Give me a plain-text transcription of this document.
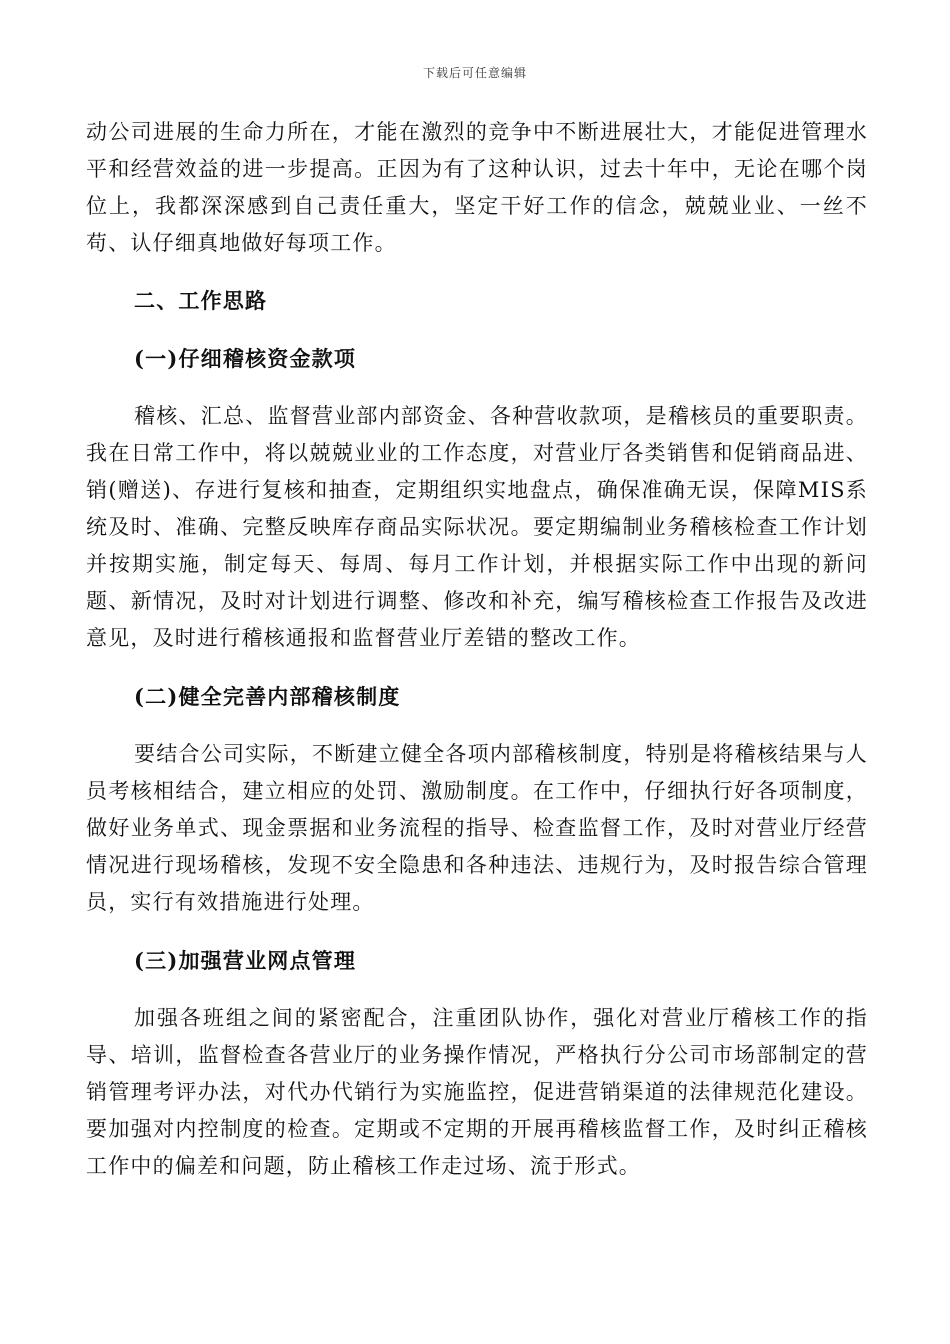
下载后可任意编辑

动公司进展的生命力所在，才能在激烈的竞争中不断进展壮大，才能促进管理水平和经营效益的进一步提高。正因为有了这种认识，过去十年中，无论在哪个岗位上，我都深深感到自己责任重大，坚定干好工作的信念，兢兢业业、一丝不苟、认仔细真地做好每项工作。

二、工作思路

(一)仔细稽核资金款项

稽核、汇总、监督营业部内部资金、各种营收款项，是稽核员的重要职责。我在日常工作中，将以兢兢业业的工作态度，对营业厅各类销售和促销商品进、销(赠送)、存进行复核和抽查，定期组织实地盘点，确保准确无误，保障MIS系统及时、准确、完整反映库存商品实际状况。要定期编制业务稽核检查工作计划并按期实施，制定每天、每周、每月工作计划，并根据实际工作中出现的新问题、新情况，及时对计划进行调整、修改和补充，编写稽核检查工作报告及改进意见，及时进行稽核通报和监督营业厅差错的整改工作。

(二)健全完善内部稽核制度

要结合公司实际，不断建立健全各项内部稽核制度，特别是将稽核结果与人员考核相结合，建立相应的处罚、激励制度。在工作中，仔细执行好各项制度，做好业务单式、现金票据和业务流程的指导、检查监督工作，及时对营业厅经营情况进行现场稽核，发现不安全隐患和各种违法、违规行为，及时报告综合管理员，实行有效措施进行处理。

(三)加强营业网点管理

加强各班组之间的紧密配合，注重团队协作，强化对营业厅稽核工作的指导、培训，监督检查各营业厅的业务操作情况，严格执行分公司市场部制定的营销管理考评办法，对代办代销行为实施监控，促进营销渠道的法律规范化建设。要加强对内控制度的检查。定期或不定期的开展再稽核监督工作，及时纠正稽核工作中的偏差和问题，防止稽核工作走过场、流于形式。
